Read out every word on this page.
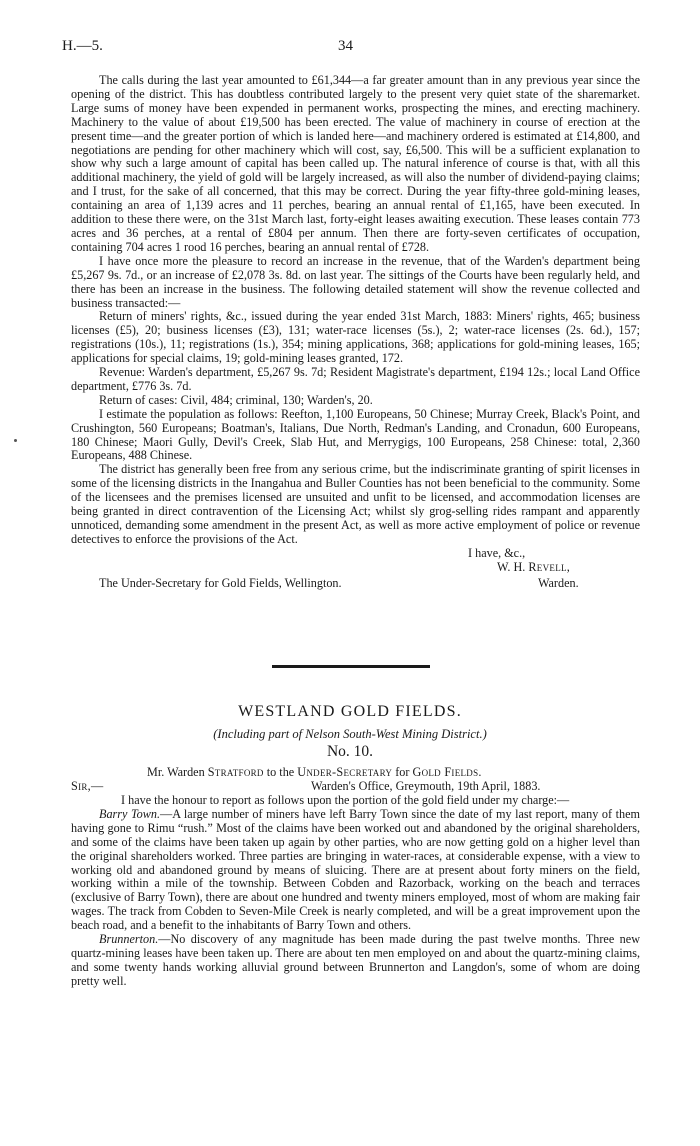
H.—5.	34

The calls during the last year amounted to £61,344—a far greater amount than in any previous year since the opening of the district. This has doubtless contributed largely to the present very quiet state of the sharemarket. Large sums of money have been expended in permanent works, prospecting the mines, and erecting machinery. Machinery to the value of about £19,500 has been erected. The value of machinery in course of erection at the present time—and the greater portion of which is landed here—and machinery ordered is estimated at £14,800, and negotiations are pending for other machinery which will cost, say, £6,500. This will be a sufficient explanation to show why such a large amount of capital has been called up. The natural inference of course is that, with all this additional machinery, the yield of gold will be largely increased, as will also the number of dividend-paying claims; and I trust, for the sake of all concerned, that this may be correct. During the year fifty-three gold-mining leases, containing an area of 1,139 acres and 11 perches, bearing an annual rental of £1,165, have been executed. In addition to these there were, on the 31st March last, forty-eight leases awaiting execution. These leases contain 773 acres and 36 perches, at a rental of £804 per annum. Then there are forty-seven certificates of occupation, containing 704 acres 1 rood 16 perches, bearing an annual rental of £728.

I have once more the pleasure to record an increase in the revenue, that of the Warden's department being £5,267 9s. 7d., or an increase of £2,078 3s. 8d. on last year. The sittings of the Courts have been regularly held, and there has been an increase in the business. The following detailed statement will show the revenue collected and business transacted:—

Return of miners' rights, &c., issued during the year ended 31st March, 1883: Miners' rights, 465; business licenses (£5), 20; business licenses (£3), 131; water-race licenses (5s.), 2; water-race licenses (2s. 6d.), 157; registrations (10s.), 11; registrations (1s.), 354; mining applications, 368; applications for gold-mining leases, 165; applications for special claims, 19; gold-mining leases granted, 172.

Revenue: Warden's department, £5,267 9s. 7d; Resident Magistrate's department, £194 12s.; local Land Office department, £776 3s. 7d.

Return of cases: Civil, 484; criminal, 130; Warden's, 20.

I estimate the population as follows: Reefton, 1,100 Europeans, 50 Chinese; Murray Creek, Black's Point, and Crushington, 560 Europeans; Boatman's, Italians, Due North, Redman's Landing, and Cronadun, 600 Europeans, 180 Chinese; Maori Gully, Devil's Creek, Slab Hut, and Merrygigs, 100 Europeans, 258 Chinese: total, 2,360 Europeans, 488 Chinese.

The district has generally been free from any serious crime, but the indiscriminate granting of spirit licenses in some of the licensing districts in the Inangahua and Buller Counties has not been beneficial to the community. Some of the licensees and the premises licensed are unsuited and unfit to be licensed, and accommodation licenses are being granted in direct contravention of the Licensing Act; whilst sly grog-selling rides rampant and apparently unnoticed, demanding some amendment in the present Act, as well as more active employment of police or revenue detectives to enforce the provisions of the Act.

I have, &c.,
W. H. Revell,
The Under-Secretary for Gold Fields, Wellington.	Warden.
WESTLAND GOLD FIELDS.
(Including part of Nelson South-West Mining District.)
No. 10.
Mr. Warden Stratford to the Under-Secretary for Gold Fields.
Sir,—	Warden's Office, Greymouth, 19th April, 1883.

I have the honour to report as follows upon the portion of the gold field under my charge:—

Barry Town.—A large number of miners have left Barry Town since the date of my last report, many of them having gone to Rimu “rush.” Most of the claims have been worked out and abandoned by the original shareholders, and some of the claims have been taken up again by other parties, who are now getting gold on a higher level than the original shareholders worked. Three parties are bringing in water-races, at considerable expense, with a view to working old and abandoned ground by means of sluicing. There are at present about forty miners on the field, working within a mile of the township. Between Cobden and Razorback, working on the beach and terraces (exclusive of Barry Town), there are about one hundred and twenty miners employed, most of whom are making fair wages. The track from Cobden to Seven-Mile Creek is nearly completed, and will be a great improvement upon the beach road, and a benefit to the inhabitants of Barry Town and others.

Brunnerton.—No discovery of any magnitude has been made during the past twelve months. Three new quartz-mining leases have been taken up. There are about ten men employed on and about the quartz-mining claims, and some twenty hands working alluvial ground between Brunnerton and Langdon's, some of whom are doing pretty well.
